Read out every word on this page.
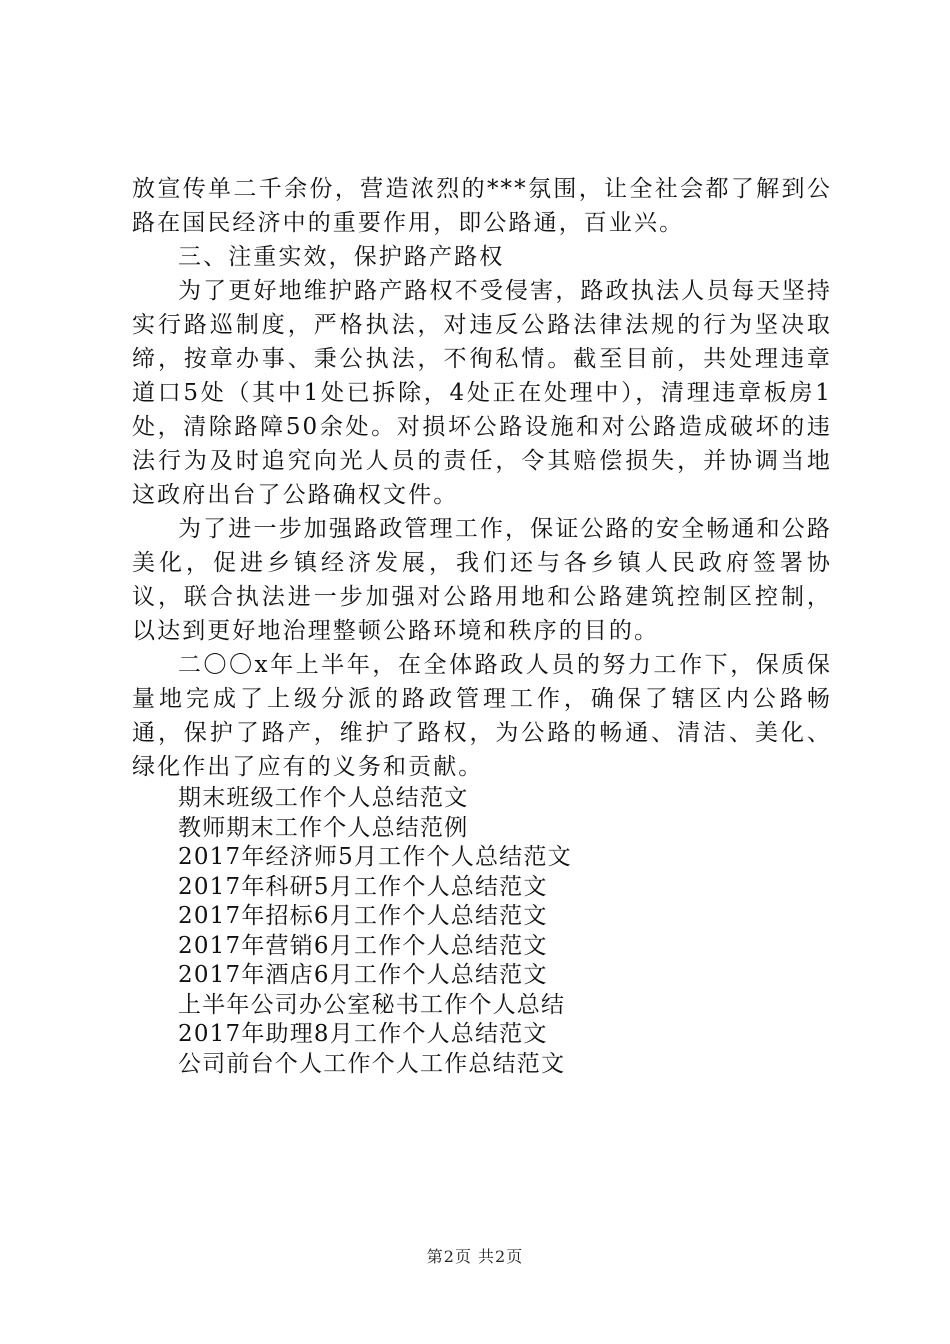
放宣传单二千余份，营造浓烈的***氛围，让全社会都了解到公路在国民经济中的重要作用，即公路通，百业兴。

三、注重实效，保护路产路权

为了更好地维护路产路权不受侵害，路政执法人员每天坚持实行路巡制度，严格执法，对违反公路法律法规的行为坚决取缔，按章办事、秉公执法，不徇私情。截至目前，共处理违章道口5处（其中1处已拆除，4处正在处理中），清理违章板房1处，清除路障50余处。对损坏公路设施和对公路造成破坏的违法行为及时追究向光人员的责任，令其赔偿损失，并协调当地这政府出台了公路确权文件。

为了进一步加强路政管理工作，保证公路的安全畅通和公路美化，促进乡镇经济发展，我们还与各乡镇人民政府签署协议，联合执法进一步加强对公路用地和公路建筑控制区控制，以达到更好地治理整顿公路环境和秩序的目的。

二〇〇x年上半年，在全体路政人员的努力工作下，保质保量地完成了上级分派的路政管理工作，确保了辖区内公路畅通，保护了路产，维护了路权，为公路的畅通、清洁、美化、绿化作出了应有的义务和贡献。

期末班级工作个人总结范文
教师期末工作个人总结范例
2017年经济师5月工作个人总结范文
2017年科研5月工作个人总结范文
2017年招标6月工作个人总结范文
2017年营销6月工作个人总结范文
2017年酒店6月工作个人总结范文
上半年公司办公室秘书工作个人总结
2017年助理8月工作个人总结范文
公司前台个人工作个人工作总结范文
第2页 共2页
